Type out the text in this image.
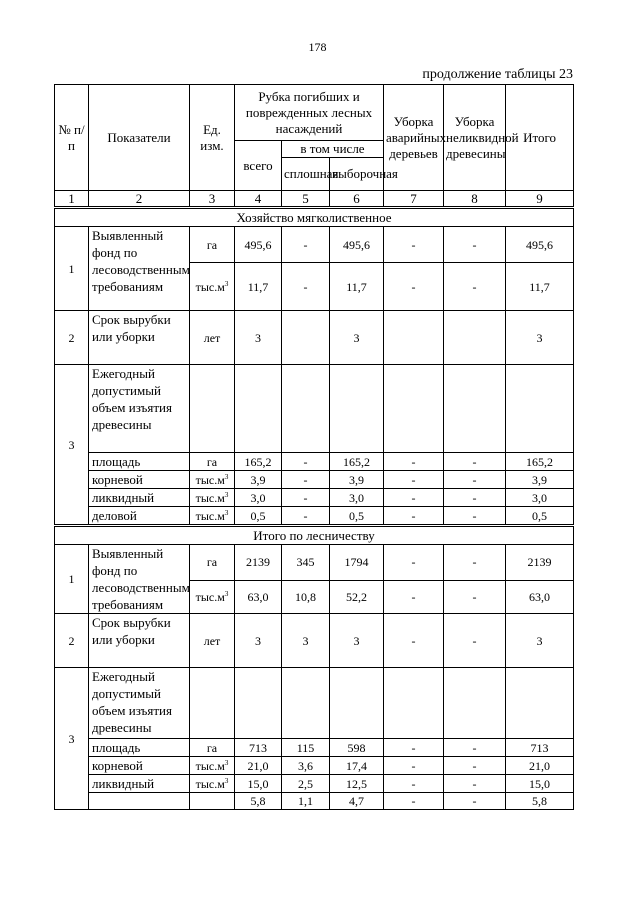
178
продолжение таблицы 23
№ п/п	Показатели	Ед. изм.	Рубка погибших и поврежденных лесных насаждений			Уборка аварийных деревьев	Уборка неликвидной древесины	Итого
			всего	в том числе				
				сплошная	выборочная			
1	2	3	4	5	6	7	8	9
Хозяйство мягколиственное								
1	Выявленный фонд по лесоводственным требованиям	га	495,6	-	495,6	-	-	495,6
		$тыс.м^3$	11,7	-	11,7	-	-	11,7
2	Срок вырубки или уборки	лет	3		3			3
3	Ежегодный допустимый объем изъятия древесины							
	площадь	га	165,2	-	165,2	-	-	165,2
	корневой	$тыс.м^3$	3,9	-	3,9	-	-	3,9
	ликвидный	$тыс.м^3$	3,0	-	3,0	-	-	3,0
	деловой	$тыс.м^3$	0,5	-	0,5	-	-	0,5
Итого по лесничеству								
1	Выявленный фонд по лесоводственным требованиям	га	2139	345	1794	-	-	2139
		$тыс.м^3$	63,0	10,8	52,2	-	-	63,0
2	Срок вырубки или уборки	лет	3	3	3	-	-	3
3	Ежегодный допустимый объем изъятия древесины							
	площадь	га	713	115	598	-	-	713
	корневой	$тыс.м^3$	21,0	3,6	17,4	-	-	21,0
	ликвидный	$тыс.м^3$	15,0	2,5	12,5	-	-	15,0
			5,8	1,1	4,7	-	-	5,8
